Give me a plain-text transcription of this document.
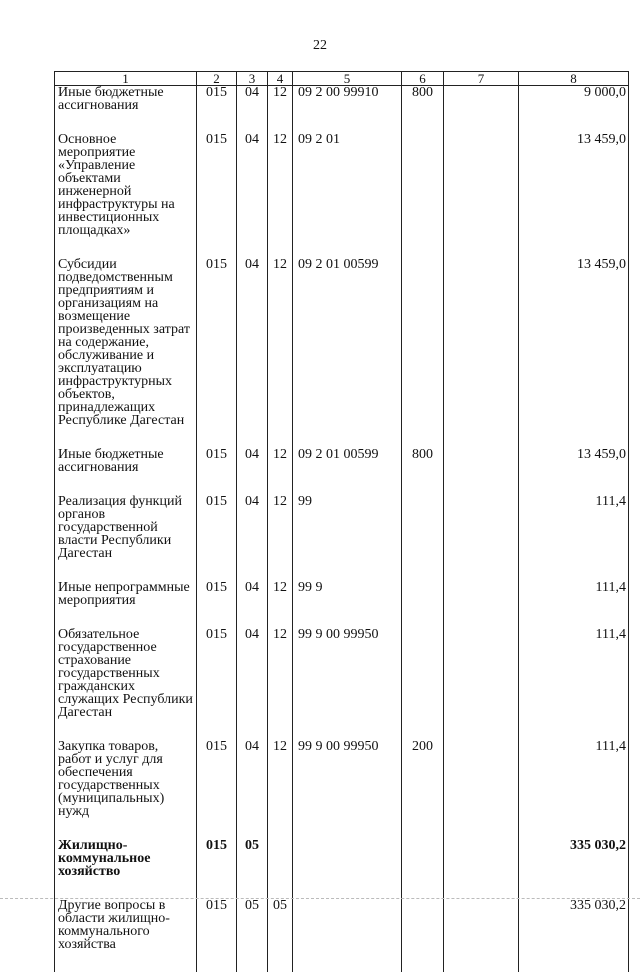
22
1	2	3	4	5	6	7	8
Иные бюджетные ассигнования	015	04	12	09 2 00 99910	800		9 000,0
Основное мероприятие «Управление объектами инженерной инфраструктуры на инвестиционных площадках»	015	04	12	09 2 01			13 459,0
Субсидии подведомственным предприятиям и организациям на возмещение произведенных затрат на содержание, обслуживание и эксплуатацию инфраструктурных объектов, принадлежащих Республике Дагестан	015	04	12	09 2 01 00599			13 459,0
Иные бюджетные ассигнования	015	04	12	09 2 01 00599	800		13 459,0
Реализация функций органов государственной власти Республики Дагестан	015	04	12	99			111,4
Иные непрограммные мероприятия	015	04	12	99 9			111,4
Обязательное государственное страхование государственных гражданских служащих Республики Дагестан	015	04	12	99 9 00 99950			111,4
Закупка товаров, работ и услуг для обеспечения государственных (муниципальных) нужд	015	04	12	99 9 00 99950	200		111,4
Жилищно-коммунальное хозяйство	015	05					335 030,2
Другие вопросы в области жилищно-коммунального хозяйства	015	05	05				335 030,2
